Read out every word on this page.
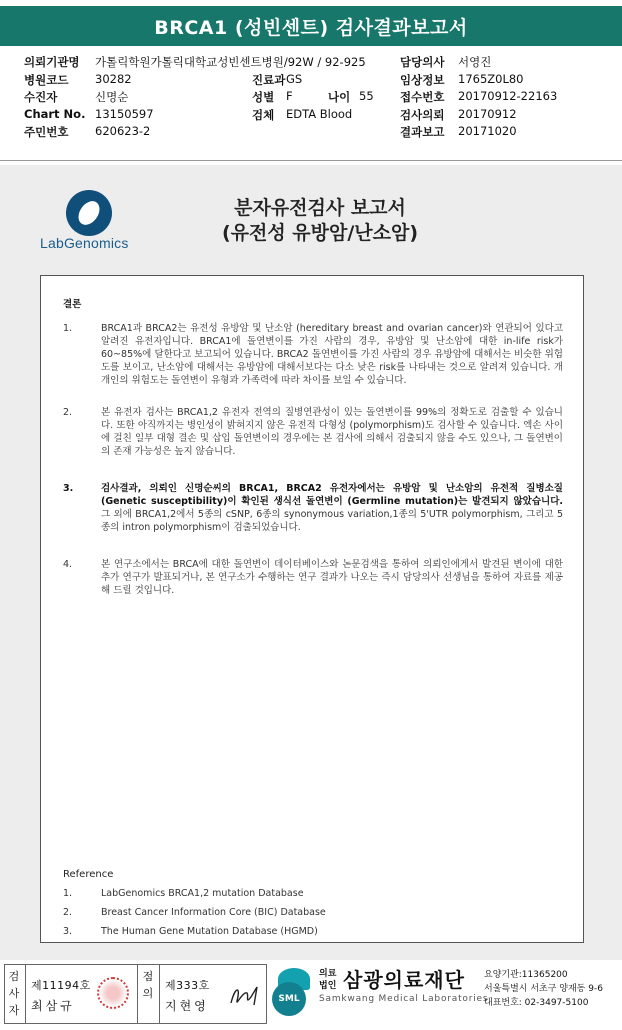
BRCA1 (성빈센트) 검사결과보고서
의뢰기관명 가톨릭학원가톨릭대학교성빈센트병원/92W / 92-925	담당의사 서영진
병원코드 30282	진료과 GS	임상정보 1765Z0L80
수진자	신명순	성별 F	나이 55 접수번호 20170912-22163
Chart No. 13150597	검체 EDTA Blood	검사의뢰 20170912
주민번호 620623-2	결과보고 20171020
LabGenomics
분자유전검사 보고서
(유전성 유방암/난소암)
결론
1.	BRCA1과 BRCA2는 유전성 유방암 및 난소암 (hereditary breast and ovarian cancer)와 연관되어 있다고 알려진 유전자입니다. BRCA1에 돌연변이를 가진 사람의 경우, 유방암 및 난소암에 대한 in-life risk가 60~85%에 달한다고 보고되어 있습니다. BRCA2 돌연변이를 가진 사람의 경우 유방암에 대해서는 비슷한 위험도를 보이고, 난소암에 대해서는 유방암에 대해서보다는 다소 낮은 risk를 나타내는 것으로 알려져 있습니다. 개개인의 위험도는 돌연변이 유형과 가족력에 따라 차이를 보일 수 있습니다.
2.	본 유전자 검사는 BRCA1,2 유전자 전역의 질병연관성이 있는 돌연변이를 99%의 정확도로 검출할 수 있습니다. 또한 아직까지는 병인성이 밝혀지지 않은 유전적 다형성 (polymorphism)도 검사할 수 있습니다. 엑손 사이에 걸친 일부 대형 결손 및 삽입 돌연변이의 경우에는 본 검사에 의해서 검출되지 않을 수도 있으나, 그 돌연변이의 존재 가능성은 높지 않습니다.
3.	검사결과, 의뢰인 신명순씨의 BRCA1, BRCA2 유전자에서는 유방암 및 난소암의 유전적 질병소질 (Genetic susceptibility)이 확인된 생식선 돌연변이 (Germline mutation)는 발견되지 않았습니다. 그 외에 BRCA1,2에서 5종의 cSNP, 6종의 synonymous variation,1종의 5'UTR polymorphism, 그리고 5종의 intron polymorphism이 검출되었습니다.
4.	본 연구소에서는 BRCA에 대한 돌연변이 데이터베이스와 논문검색을 통하여 의뢰인에게서 발견된 변이에 대한 추가 연구가 발표되거나, 본 연구소가 수행하는 연구 결과가 나오는 즉시 담당의사 선생님을 통하여 자료를 제공해 드릴 것입니다.
Reference
1.	LabGenomics BRCA1,2 mutation Database
2.	Breast Cancer Information Core (BIC) Database
3.	The Human Gene Mutation Database (HGMD)
검사자
제11194호
최삼규
점의
제333호
지현영	SML
의료
법인 삼광의료재단
Samkwang Medical Laboratories
요양기관:11365200
서울특별시 서초구 양재동 9-6
대표번호: 02-3497-5100
